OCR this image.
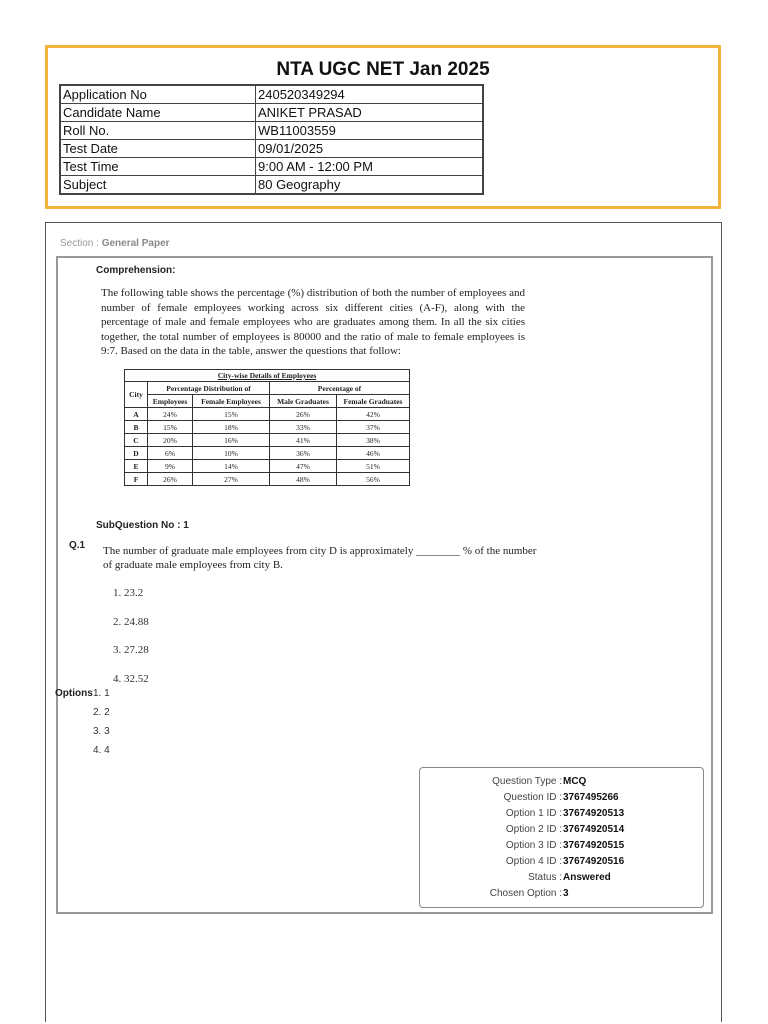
NTA UGC NET Jan 2025
Application No	240520349294
Candidate Name	ANIKET PRASAD
Roll No.	WB11003559
Test Date	09/01/2025
Test Time	9:00 AM - 12:00 PM
Subject	80 Geography
Section : General Paper
Comprehension:
The following table shows the percentage (%) distribution of both the number of employees and number of female employees working across six different cities (A-F), along with the percentage of male and female employees who are graduates among them. In all the six cities together, the total number of employees is 80000 and the ratio of male to female employees is 9:7. Based on the data in the table, answer the questions that follow:
City-wise Details of Employees				
City	Percentage Distribution of		Percentage of	
	Employees	Female Employees	Male Graduates	Female Graduates
A	24%	15%	26%	42%
B	15%	18%	33%	37%
C	20%	16%	41%	38%
D	6%	10%	36%	46%
E	9%	14%	47%	51%
F	26%	27%	48%	56%
SubQuestion No : 1
Q.1 The number of graduate male employees from city D is approximately ________ % of the number of graduate male employees from city B.
1. 23.2
2. 24.88
3. 27.28
4. 32.52
Options 1. 1
2. 2
3. 3
4. 4
Question Type : MCQ
Question ID : 3767495266
Option 1 ID : 37674920513
Option 2 ID : 37674920514
Option 3 ID : 37674920515
Option 4 ID : 37674920516
Status : Answered
Chosen Option : 3
